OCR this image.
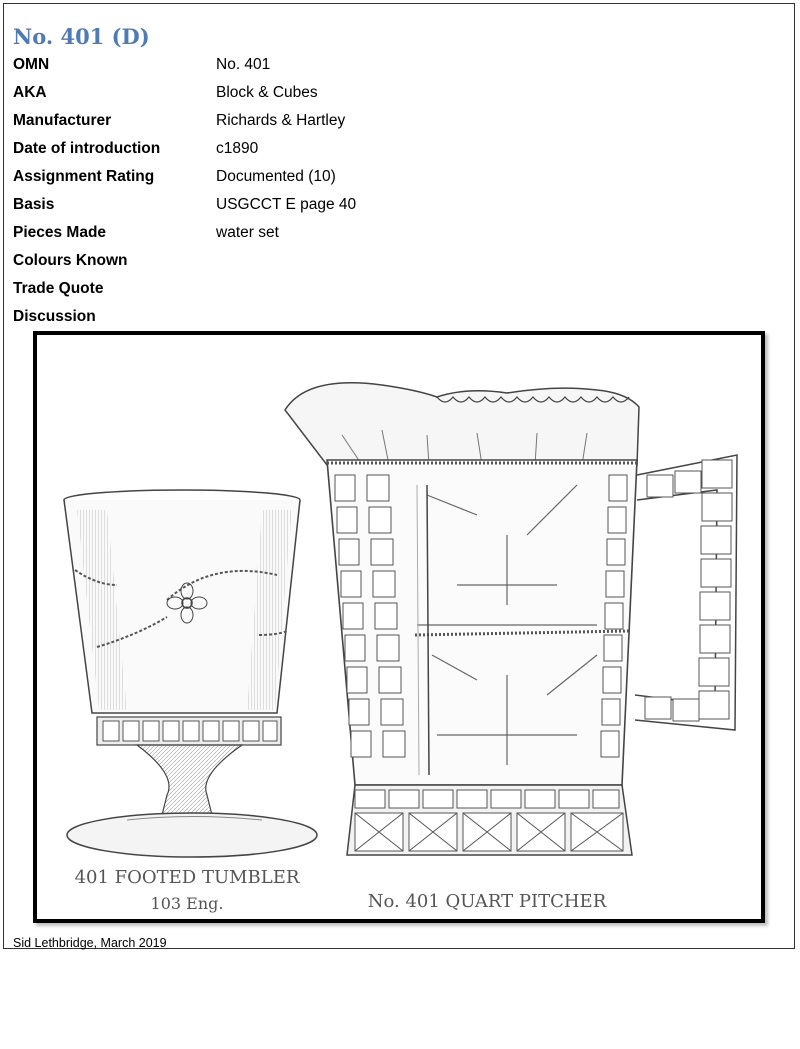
No. 401 (D)
OMN	No. 401
AKA	Block & Cubes
Manufacturer	Richards & Hartley
Date of introduction	c1890
Assignment Rating	Documented (10)
Basis	USGCCT E page 40
Pieces Made	water set
Colours Known
Trade Quote
Discussion
401 FOOTED TUMBLER
103 Eng.	No. 401 QUART PITCHER
Sid Lethbridge, March 2019
